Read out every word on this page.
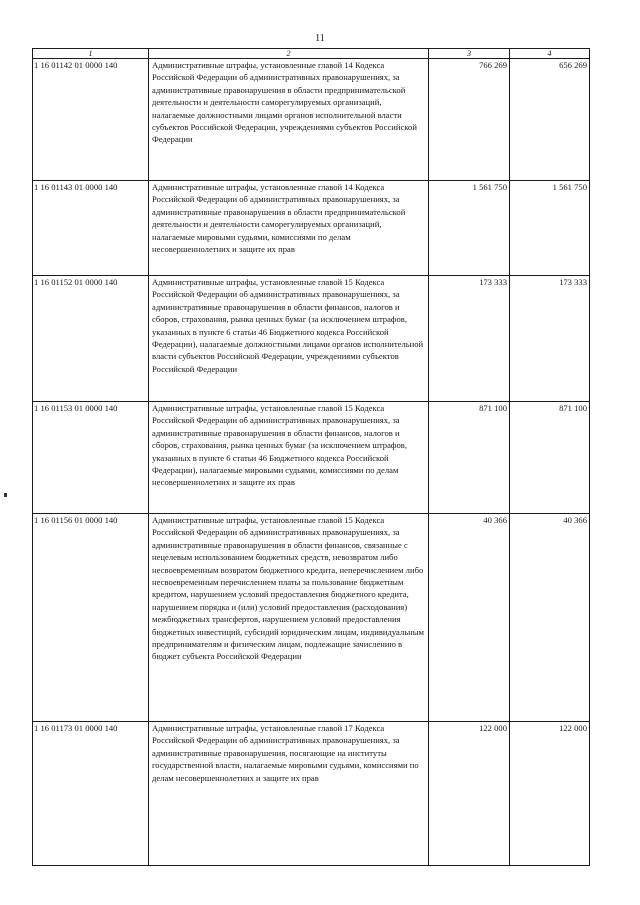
11
1	2	3	4
1 16 01142 01 0000 140	Административные штрафы, установленные главой 14 Кодекса Российской Федерации об административных правонарушениях, за административные правонарушения в области предпринимательской деятельности и деятельности саморегулируемых организаций, налагаемые должностными лицами органов исполнительной власти субъектов Российской Федерации, учреждениями субъектов Российской Федерации	766 269	656 269
1 16 01143 01 0000 140	Административные штрафы, установленные главой 14 Кодекса Российской Федерации об административных правонарушениях, за административные правонарушения в области предпринимательской деятельности и деятельности саморегулируемых организаций, налагаемые мировыми судьями, комиссиями по делам несовершеннолетних и защите их прав	1 561 750	1 561 750
1 16 01152 01 0000 140	Административные штрафы, установленные главой 15 Кодекса Российской Федерации об административных правонарушениях, за административные правонарушения в области финансов, налогов и сборов, страхования, рынка ценных бумаг (за исключением штрафов, указанных в пункте 6 статьи 46 Бюджетного кодекса Российской Федерации), налагаемые должностными лицами органов исполнительной власти субъектов Российской Федерации, учреждениями субъектов Российской Федерации	173 333	173 333
1 16 01153 01 0000 140	Административные штрафы, установленные главой 15 Кодекса Российской Федерации об административных правонарушениях, за административные правонарушения в области финансов, налогов и сборов, страхования, рынка ценных бумаг (за исключением штрафов, указанных в пункте 6 статьи 46 Бюджетного кодекса Российской Федерации), налагаемые мировыми судьями, комиссиями по делам несовершеннолетних и защите их прав	871 100	871 100
1 16 01156 01 0000 140	Административные штрафы, установленные главой 15 Кодекса Российской Федерации об административных правонарушениях, за административные правонарушения в области финансов, связанные с нецелевым использованием бюджетных средств, невозвратом либо несвоевременным возвратом бюджетного кредита, неперечислением либо несвоевременным перечислением платы за пользование бюджетным кредитом, нарушением условий предоставления бюджетного кредита, нарушением порядка и (или) условий предоставления (расходования) межбюджетных трансфертов, нарушением условий предоставления бюджетных инвестиций, субсидий юридическим лицам, индивидуальным предпринимателям и физическим лицам, подлежащие зачислению в бюджет субъекта Российской Федерации	40 366	40 366
1 16 01173 01 0000 140	Административные штрафы, установленные главой 17 Кодекса Российской Федерации об административных правонарушениях, за административные правонарушения, посягающие на институты государственной власти, налагаемые мировыми судьями, комиссиями по делам несовершеннолетних и защите их прав	122 000	122 000
